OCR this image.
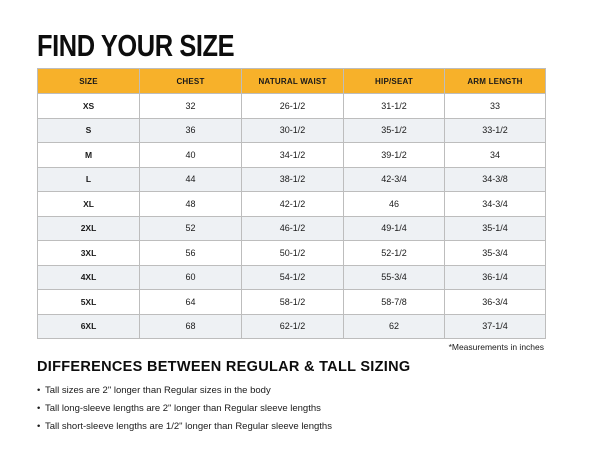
FIND YOUR SIZE
SIZE	CHEST	NATURAL WAIST	HIP/SEAT	ARM LENGTH
XS	32	26-1/2	31-1/2	33
S	36	30-1/2	35-1/2	33-1/2
M	40	34-1/2	39-1/2	34
L	44	38-1/2	42-3/4	34-3/8
XL	48	42-1/2	46	34-3/4
2XL	52	46-1/2	49-1/4	35-1/4
3XL	56	50-1/2	52-1/2	35-3/4
4XL	60	54-1/2	55-3/4	36-1/4
5XL	64	58-1/2	58-7/8	36-3/4
6XL	68	62-1/2	62	37-1/4
*Measurements in inches
DIFFERENCES BETWEEN REGULAR & TALL SIZING
• Tall sizes are 2" longer than Regular sizes in the body
• Tall long-sleeve lengths are 2" longer than Regular sleeve lengths
• Tall short-sleeve lengths are 1/2" longer than Regular sleeve lengths
